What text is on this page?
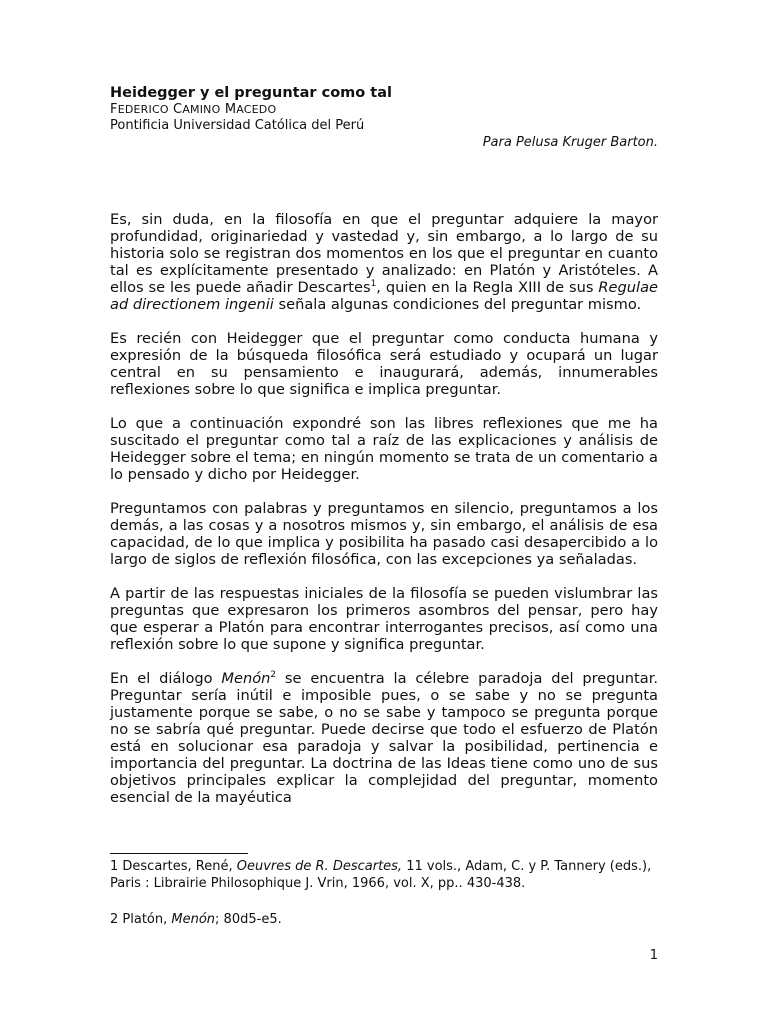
Heidegger y el preguntar como tal
FEDERICO CAMINO MACEDO
Pontificia Universidad Católica del Perú
Para Pelusa Kruger Barton.

Es, sin duda, en la filosofía en que el preguntar adquiere la mayor profundidad, originariedad y vastedad y, sin embargo, a lo largo de su historia solo se registran dos momentos en los que el preguntar en cuanto tal es explícitamente presentado y analizado: en Platón y Aristóteles. A ellos se les puede añadir Descartes$^1$, quien en la Regla XIII de sus Regulae ad directionem ingenii señala algunas condiciones del preguntar mismo.

Es recién con Heidegger que el preguntar como conducta humana y expresión de la búsqueda filosófica será estudiado y ocupará un lugar central en su pensamiento e inaugurará, además, innumerables reflexiones sobre lo que significa e implica preguntar.

Lo que a continuación expondré son las libres reflexiones que me ha suscitado el preguntar como tal a raíz de las explicaciones y análisis de Heidegger sobre el tema; en ningún momento se trata de un comentario a lo pensado y dicho por Heidegger.

Preguntamos con palabras y preguntamos en silencio, preguntamos a los demás, a las cosas y a nosotros mismos y, sin embargo, el análisis de esa capacidad, de lo que implica y posibilita ha pasado casi desapercibido a lo largo de siglos de reflexión filosófica, con las excepciones ya señaladas.

A partir de las respuestas iniciales de la filosofía se pueden vislumbrar las preguntas que expresaron los primeros asombros del pensar, pero hay que esperar a Platón para encontrar interrogantes precisos, así como una reflexión sobre lo que supone y significa preguntar.

En el diálogo Menón$^2$ se encuentra la célebre paradoja del preguntar. Preguntar sería inútil e imposible pues, o se sabe y no se pregunta justamente porque se sabe, o no se sabe y tampoco se pregunta porque no se sabría qué preguntar. Puede decirse que todo el esfuerzo de Platón está en solucionar esa paradoja y salvar la posibilidad, pertinencia e importancia del preguntar. La doctrina de las Ideas tiene como uno de sus objetivos principales explicar la complejidad del preguntar, momento esencial de la mayéutica

1 Descartes, René, Oeuvres de R. Descartes, 11 vols., Adam, C. y P. Tannery (eds.), Paris : Librairie Philosophique J. Vrin, 1966, vol. X, pp.. 430-438.
2 Platón, Menón; 80d5-e5.
1
